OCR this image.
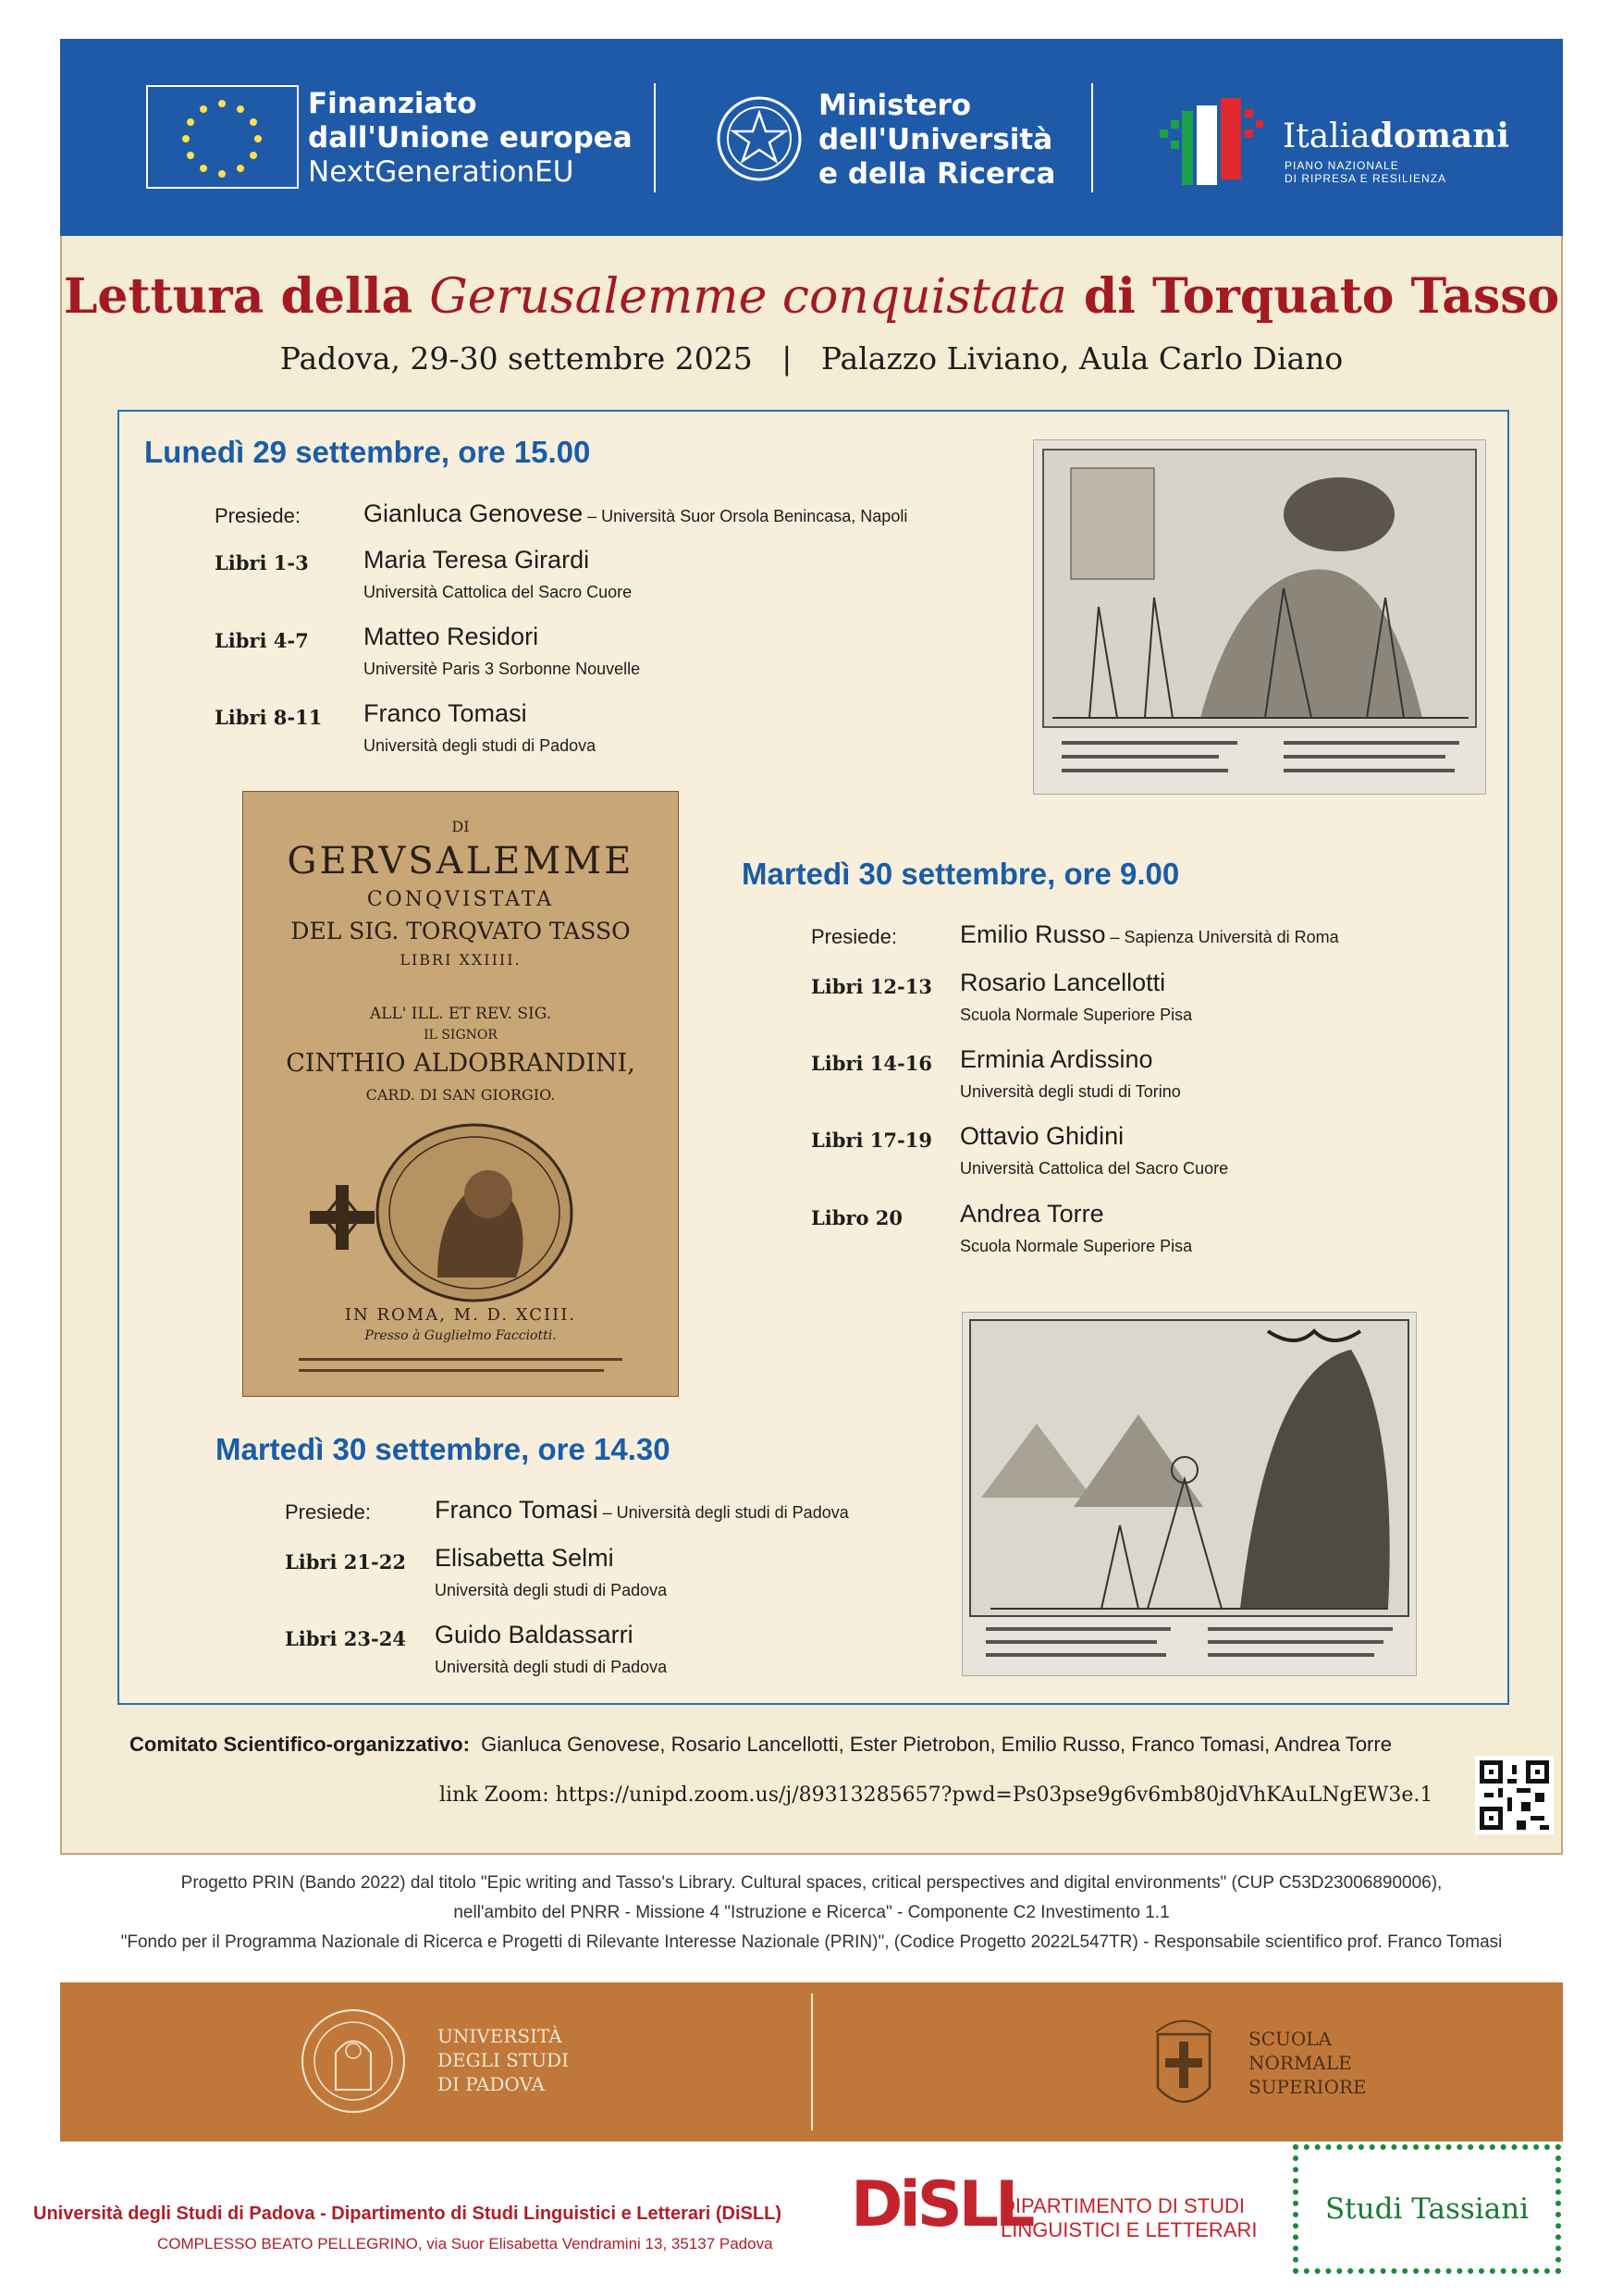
Finanziato
dall'Unione europea
NextGenerationEU
Ministero
dell'Università
e della Ricerca
Italiadomani
PIANO NAZIONALE
DI RIPRESA E RESILIENZA
Lettura della Gerusalemme conquistata di Torquato Tasso
Padova, 29-30 settembre 2025   |   Palazzo Liviano, Aula Carlo Diano
Lunedì 29 settembre, ore 15.00
Presiede:	Gianluca Genovese – Università Suor Orsola Benincasa, Napoli
Libri 1-3 Maria Teresa Girardi
Università Cattolica del Sacro Cuore
Libri 4-7 Matteo Residori
Universitè Paris 3 Sorbonne Nouvelle
Libri 8-11 Franco Tomasi
Università degli studi di Padova
DI
GERVSALEMME
CONQVISTATA
DEL SIG. TORQVATO TASSO
LIBRI XXIIII.
ALL' ILL. ET REV. SIG.
IL SIGNOR
CINTHIO ALDOBRANDINI,
CARD. DI SAN GIORGIO.
IN ROMA, M. D. XCIII.
Presso à Guglielmo Facciotti.
Martedì 30 settembre, ore 9.00
Presiede:	Emilio Russo – Sapienza Università di Roma
Libri 12-13 Rosario Lancellotti
Scuola Normale Superiore Pisa
Libri 14-16 Erminia Ardissino
Università degli studi di Torino
Libri 17-19 Ottavio Ghidini
Università Cattolica del Sacro Cuore
Libro 20 Andrea Torre
Scuola Normale Superiore Pisa
Martedì 30 settembre, ore 14.30
Presiede:	Franco Tomasi – Università degli studi di Padova
Libri 21-22 Elisabetta Selmi
Università degli studi di Padova
Libri 23-24 Guido Baldassarri
Università degli studi di Padova
Comitato Scientifico-organizzativo: Gianluca Genovese, Rosario Lancellotti, Ester Pietrobon, Emilio Russo, Franco Tomasi, Andrea Torre
link Zoom: https://unipd.zoom.us/j/89313285657?pwd=Ps03pse9g6v6mb80jdVhKAuLNgEW3e.1
Progetto PRIN (Bando 2022) dal titolo "Epic writing and Tasso's Library. Cultural spaces, critical perspectives and digital environments" (CUP C53D23006890006),
nell'ambito del PNRR - Missione 4 "Istruzione e Ricerca" - Componente C2 Investimento 1.1
"Fondo per il Programma Nazionale di Ricerca e Progetti di Rilevante Interesse Nazionale (PRIN)", (Codice Progetto 2022L547TR) - Responsabile scientifico prof. Franco Tomasi
UNIVERSITÀ
DEGLI STUDI
DI PADOVA
SCUOLA
NORMALE
SUPERIORE
Università degli Studi di Padova - Dipartimento di Studi Linguistici e Letterari (DiSLL)
COMPLESSO BEATO PELLEGRINO, via Suor Elisabetta Vendramini 13, 35137 Padova
DiSLL
DIPARTIMENTO DI STUDI
LINGUISTICI E LETTERARI
Studi Tassiani
